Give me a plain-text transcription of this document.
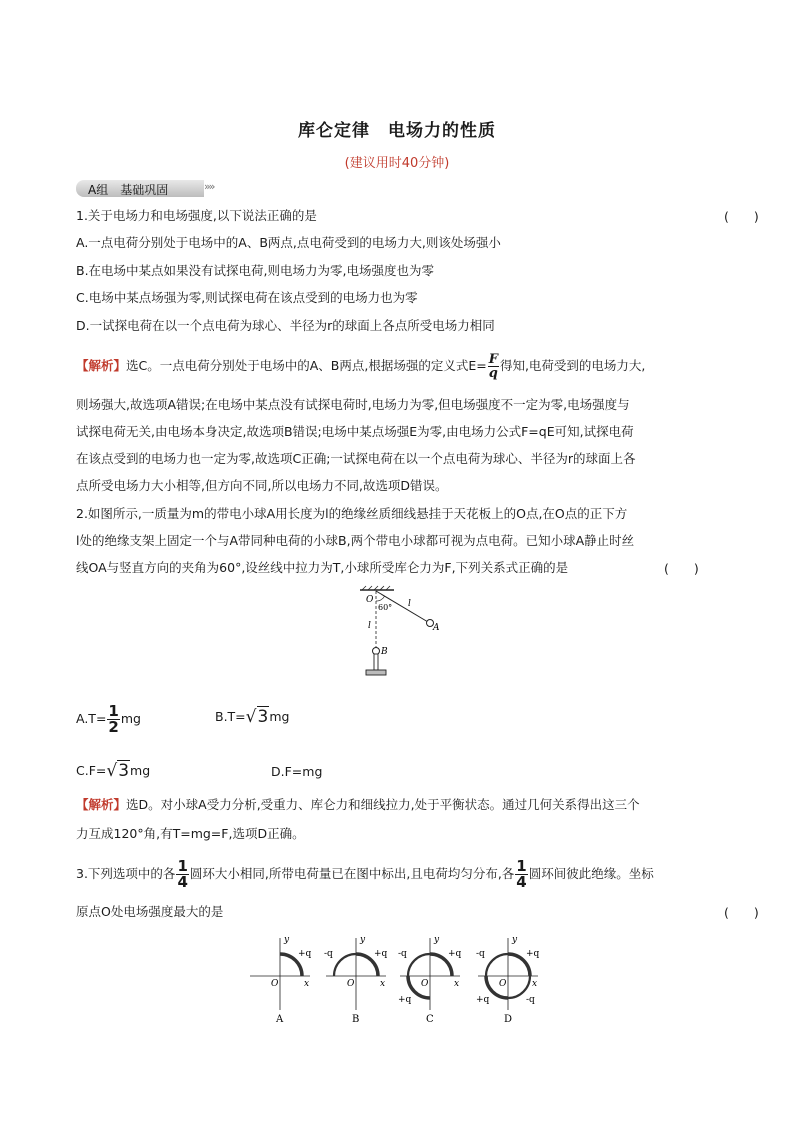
库仑定律　电场力的性质
(建议用时40分钟)
A组　基础巩固	»»
1.关于电场力和电场强度,以下说法正确的是	(　　)
A.一点电荷分别处于电场中的A、B两点,点电荷受到的电场力大,则该处场强小
B.在电场中某点如果没有试探电荷,则电场力为零,电场强度也为零
C.电场中某点场强为零,则试探电荷在该点受到的电场力也为零
D.一试探电荷在以一个点电荷为球心、半径为r的球面上各点所受电场力相同
【解析】 选C。一点电荷分别处于电场中的A、B两点,根据场强的定义式$E= \frac{F}{q}$ 得知,电荷受到的电场力大,
则场强大,故选项A错误;在电场中某点没有试探电荷时,电场力为零,但电场强度不一定为零,电场强度与
试探电荷无关,由电场本身决定,故选项B错误;电场中某点场强E为零,由电场力公式F=qE可知,试探电荷
在该点受到的电场力也一定为零,故选项C正确;一试探电荷在以一个点电荷为球心、半径为r的球面上各
点所受电场力大小相等,但方向不同,所以电场力不同,故选项D错误。
2.如图所示,一质量为m的带电小球A用长度为l的绝缘丝质细线悬挂于天花板上的O点,在O点的正下方
l处的绝缘支架上固定一个与A带同种电荷的小球B,两个带电小球都可视为点电荷。已知小球A静止时丝
线OA与竖直方向的夹角为60°,设丝线中拉力为T,小球所受库仑力为F,下列关系式正确的是	(　　)
O
60° l
l	A
B
$A.T= \frac{1}{2}$ mg	B.T= √3 mg
C.F= √3 mg	D.F=mg
【解析】选D。对小球A受力分析,受重力、库仑力和细线拉力,处于平衡状态。通过几何关系得出这三个
力互成120°角,有T=mg=F,选项D正确。
3.下列选项中的各 $\frac{1}{4}$ 圆环大小相同,所带电荷量已在图中标出,且电荷均匀分布,各 $\frac{1}{4}$ 圆环间彼此绝缘。坐标
原点O处电场强度最大的是	(　　)
y
x
O
+q
y
x
O
-q	+q
y
x
O
-q	+q
+q
y
x
O
-q	+q
+q	-q
A	B	C	D
